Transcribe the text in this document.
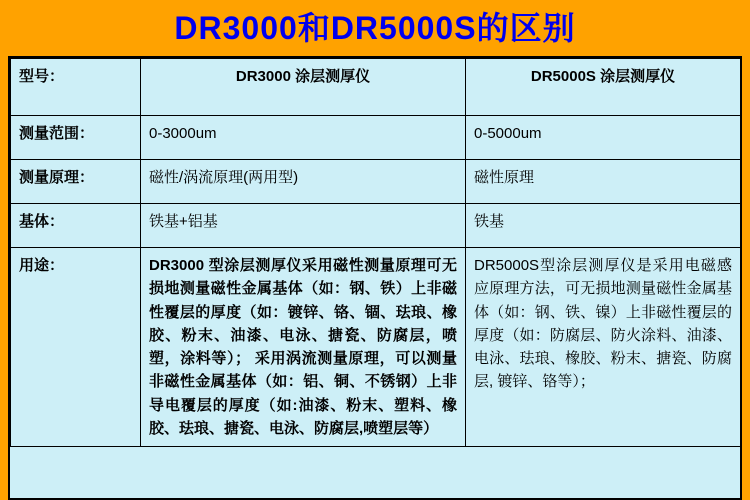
DR3000和DR5000S的区别
型号：	DR3000 涂层测厚仪	DR5000S 涂层测厚仪
测量范围：	0-3000um	0-5000um
测量原理：	磁性/涡流原理(两用型)	磁性原理
基体：	铁基+铝基	铁基
用途：	DR3000 型涂层测厚仪采用磁性测量原理可无损地测量磁性金属基体（如：钢、铁）上非磁性覆层的厚度（如：镀锌、铬、锢、珐琅、橡胶、粉末、油漆、电泳、搪瓷、防腐层，喷塑，涂料等）； 采用涡流测量原理，可以测量非磁性金属基体（如：铝、铜、不锈钢）上非导电覆层的厚度（如:油漆、粉末、塑料、橡胶、珐琅、搪瓷、电泳、防腐层,喷塑层等）	DR5000S型涂层测厚仪是采用电磁感应原理方法，可无损地测量磁性金属基体（如：钢、铁、镍）上非磁性覆层的厚度（如：防腐层、防火涂料、油漆、电泳、珐琅、橡胶、粉末、搪瓷、防腐层, 镀锌、铬等）；
